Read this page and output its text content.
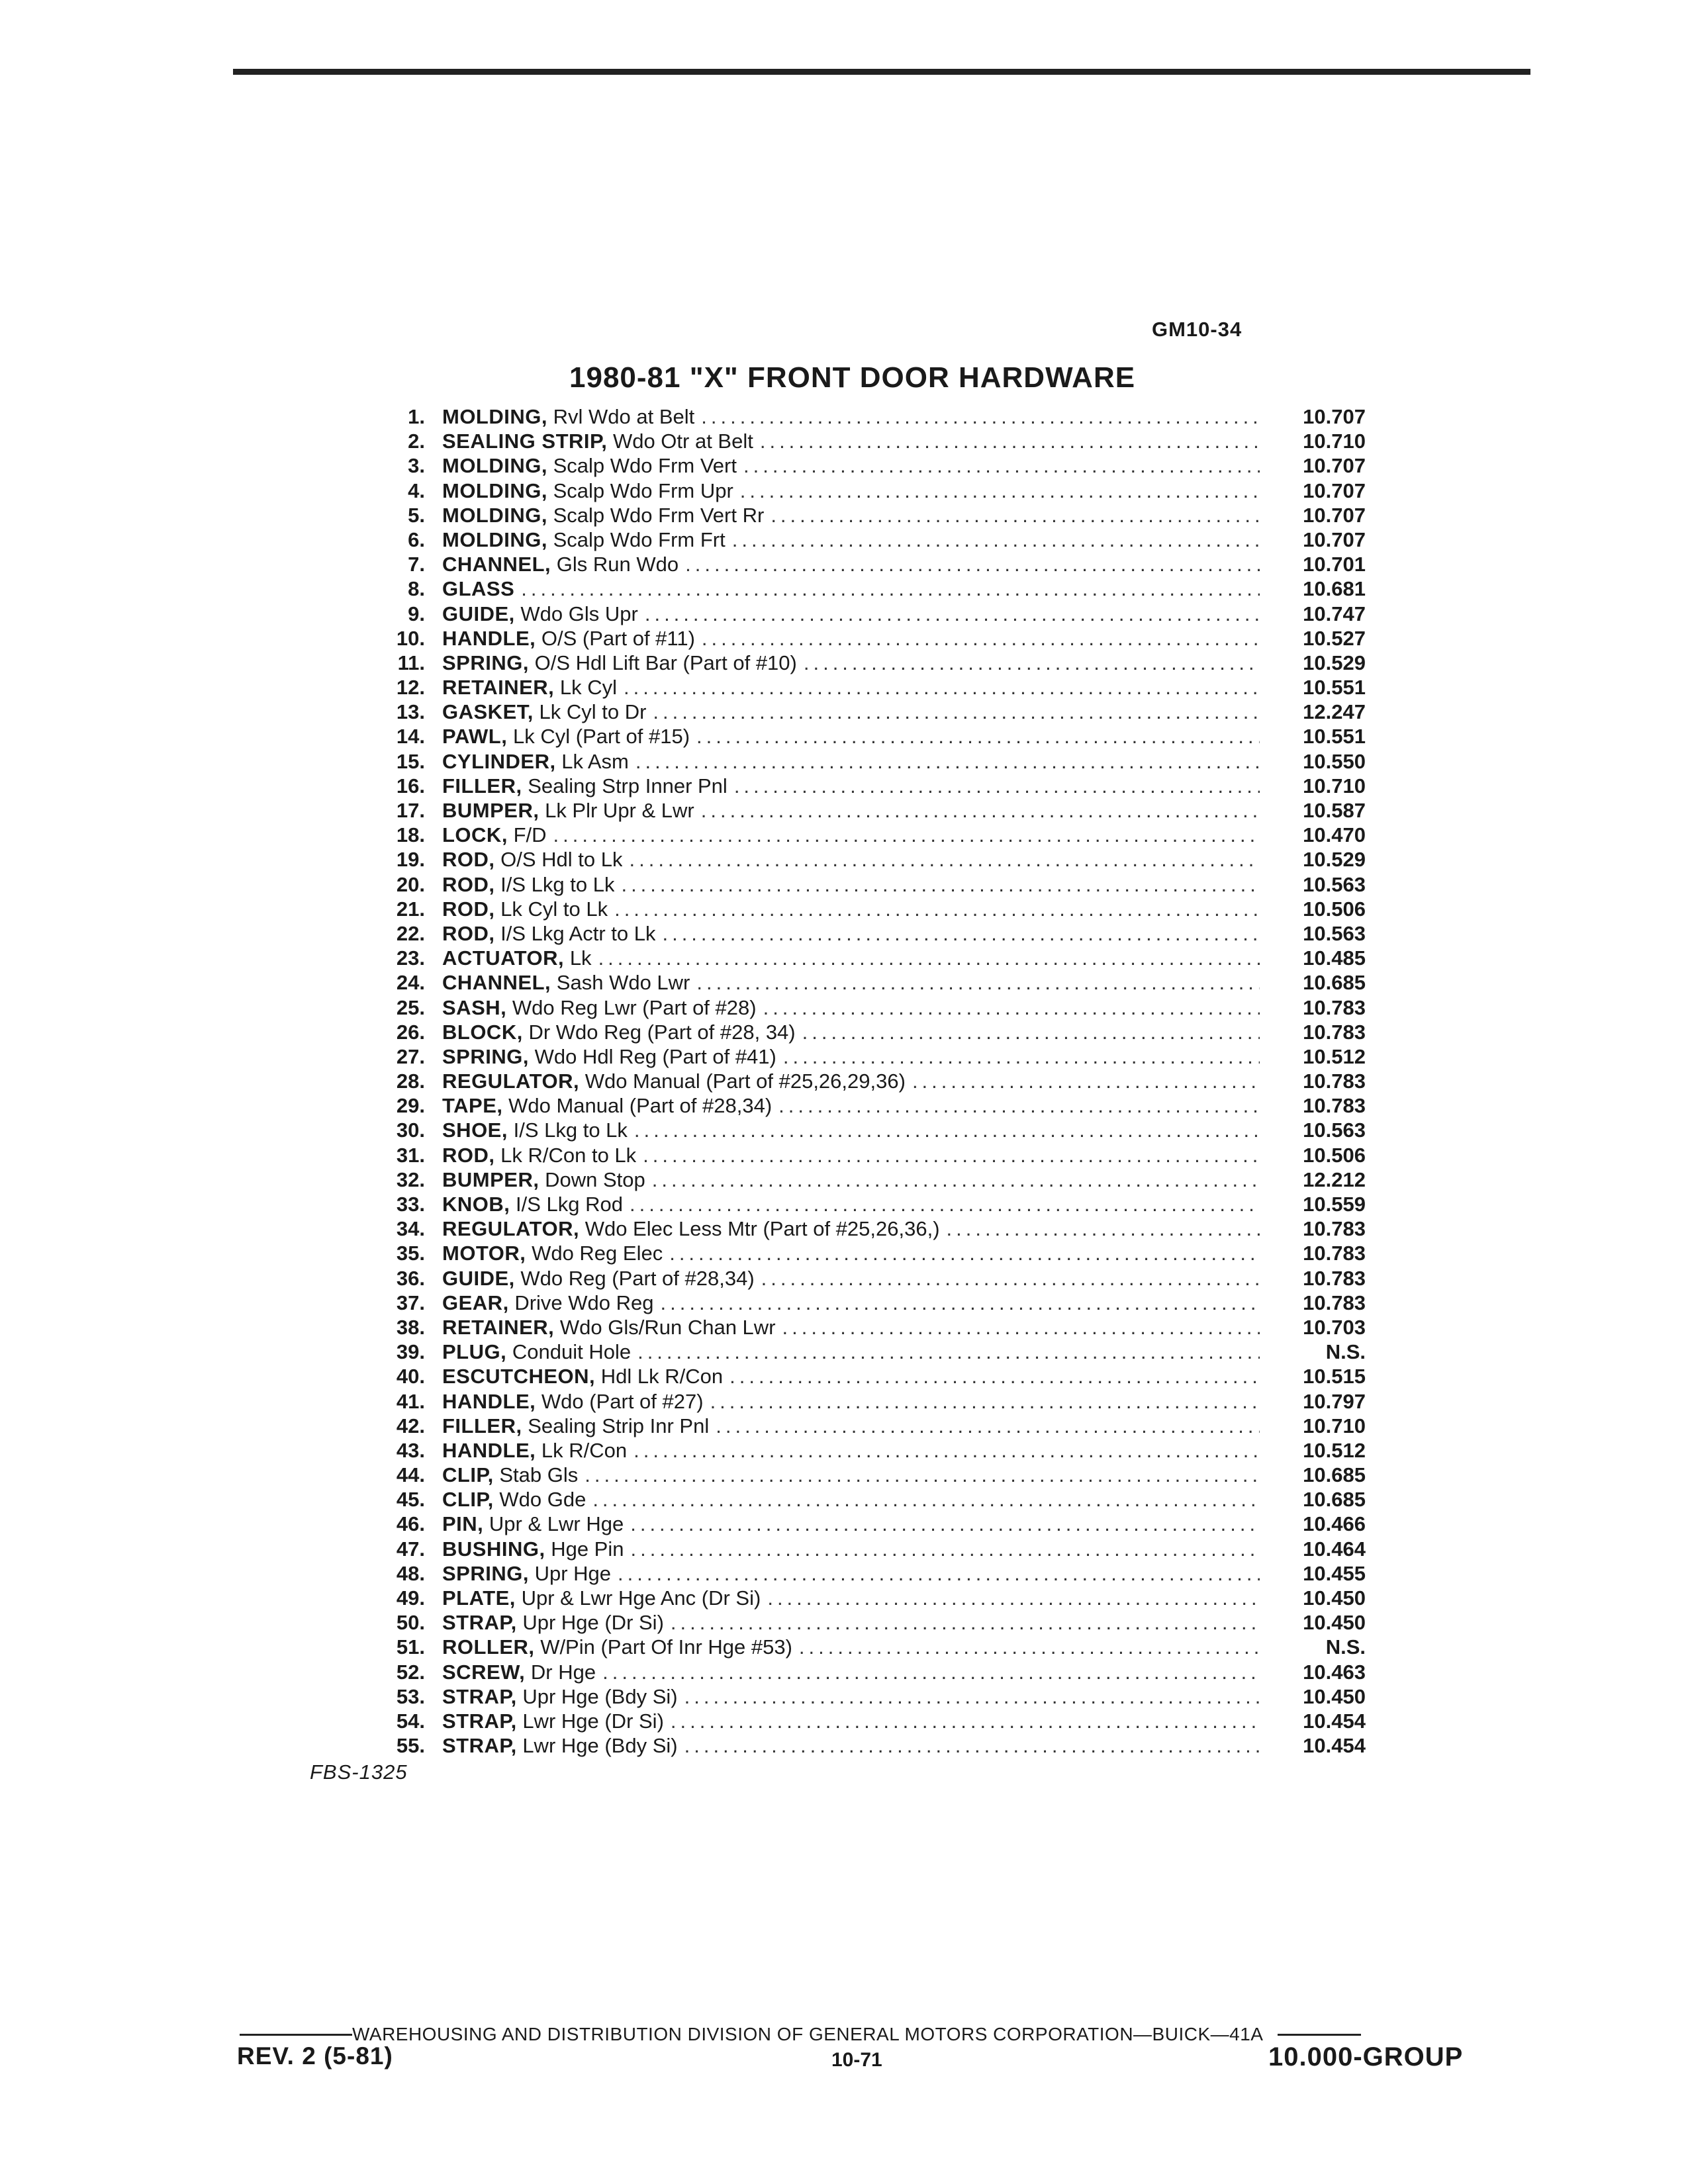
GM10-34
1980-81 "X" FRONT DOOR HARDWARE
1. MOLDING, Rvl Wdo at Belt .....	10.707
2. SEALING STRIP, Wdo Otr at Belt .....	10.710
3. MOLDING, Scalp Wdo Frm Vert .....	10.707
4. MOLDING, Scalp Wdo Frm Upr .....	10.707
5. MOLDING, Scalp Wdo Frm Vert Rr .....	10.707
6. MOLDING, Scalp Wdo Frm Frt .....	10.707
7. CHANNEL, Gls Run Wdo .....	10.701
8. GLASS .....	10.681
9. GUIDE, Wdo Gls Upr .....	10.747
10. HANDLE, O/S (Part of #11) .....	10.527
11. SPRING, O/S Hdl Lift Bar (Part of #10) .....	10.529
12. RETAINER, Lk Cyl .....	10.551
13. GASKET, Lk Cyl to Dr .....	12.247
14. PAWL, Lk Cyl (Part of #15) .....	10.551
15. CYLINDER, Lk Asm .....	10.550
16. FILLER, Sealing Strp Inner Pnl .....	10.710
17. BUMPER, Lk Plr Upr & Lwr .....	10.587
18. LOCK, F/D .....	10.470
19. ROD, O/S Hdl to Lk .....	10.529
20. ROD, I/S Lkg to Lk .....	10.563
21. ROD, Lk Cyl to Lk .....	10.506
22. ROD, I/S Lkg Actr to Lk .....	10.563
23. ACTUATOR, Lk .....	10.485
24. CHANNEL, Sash Wdo Lwr .....	10.685
25. SASH, Wdo Reg Lwr (Part of #28) .....	10.783
26. BLOCK, Dr Wdo Reg (Part of #28, 34) .....	10.783
27. SPRING, Wdo Hdl Reg (Part of #41) .....	10.512
28. REGULATOR, Wdo Manual (Part of #25,26,29,36) .....	10.783
29. TAPE, Wdo Manual (Part of #28,34) .....	10.783
30. SHOE, I/S Lkg to Lk .....	10.563
31. ROD, Lk R/Con to Lk .....	10.506
32. BUMPER, Down Stop .....	12.212
33. KNOB, I/S Lkg Rod .....	10.559
34. REGULATOR, Wdo Elec Less Mtr (Part of #25,26,36,) .....	10.783
35. MOTOR, Wdo Reg Elec .....	10.783
36. GUIDE, Wdo Reg (Part of #28,34) .....	10.783
37. GEAR, Drive Wdo Reg .....	10.783
38. RETAINER, Wdo Gls/Run Chan Lwr .....	10.703
39. PLUG, Conduit Hole .....	N.S.
40. ESCUTCHEON, Hdl Lk R/Con .....	10.515
41. HANDLE, Wdo (Part of #27) .....	10.797
42. FILLER, Sealing Strip Inr Pnl .....	10.710
43. HANDLE, Lk R/Con .....	10.512
44. CLIP, Stab Gls .....	10.685
45. CLIP, Wdo Gde .....	10.685
46. PIN, Upr & Lwr Hge .....	10.466
47. BUSHING, Hge Pin .....	10.464
48. SPRING, Upr Hge .....	10.455
49. PLATE, Upr & Lwr Hge Anc (Dr Si) .....	10.450
50. STRAP, Upr Hge (Dr Si) .....	10.450
51. ROLLER, W/Pin (Part Of Inr Hge #53) .....	N.S.
52. SCREW, Dr Hge .....	10.463
53. STRAP, Upr Hge (Bdy Si) .....	10.450
54. STRAP, Lwr Hge (Dr Si) .....	10.454
55. STRAP, Lwr Hge (Bdy Si) .....	10.454
FBS-1325
WAREHOUSING AND DISTRIBUTION DIVISION OF GENERAL MOTORS CORPORATION—BUICK—41A
REV. 2 (5-81)	10-71	10.000-GROUP
